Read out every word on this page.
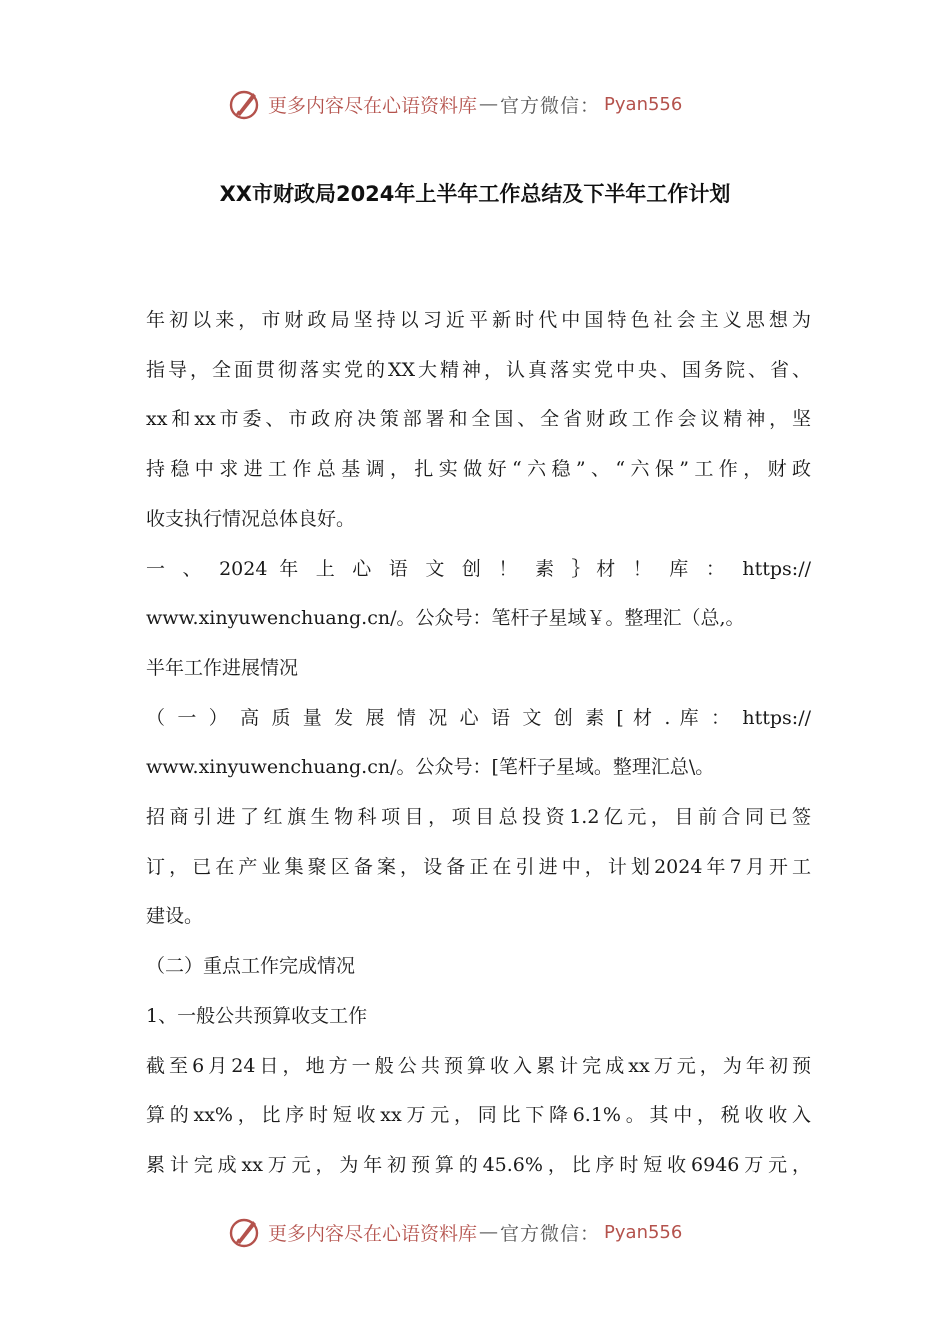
更多内容尽在心语资料库 — 官方微信： Pyan556
XX市财政局2024年上半年工作总结及下半年工作计划

年初以来，市财政局坚持以习近平新时代中国特色社会主义思想为

指导，全面贯彻落实党的XX大精神，认真落实党中央、国务院、省、

xx和xx市委、市政府决策部署和全国、全省财政工作会议精神，坚

持稳中求进工作总基调，扎实做好“六稳”、“六保”工作，财政

收支执行情况总体良好。

一 、 2024 年 上 心 语 文 创 ！ 素 ｝材 ！ 库 ： https://

www.xinyuwenchuang.cn/。公众号：笔杆子星域￥。整理汇（总,。

半年工作进展情况

（ 一 ） 高 质 量 发 展 情 况 心 语 文 创 素 [ 材 . 库 ： https://

www.xinyuwenchuang.cn/。公众号：[笔杆子星域。整理汇总\。

招商引进了红旗生物科项目，项目总投资1.2亿元，目前合同已签

订，已在产业集聚区备案，设备正在引进中，计划2024年7月开工

建设。

（二）重点工作完成情况

1、一般公共预算收支工作

截至6月24日，地方一般公共预算收入累计完成xx万元，为年初预

算的xx%，比序时短收xx万元，同比下降6.1%。其中，税收收入

累计完成xx万元，为年初预算的45.6%，比序时短收6946万元，

更多内容尽在心语资料库 — 官方微信： Pyan556
